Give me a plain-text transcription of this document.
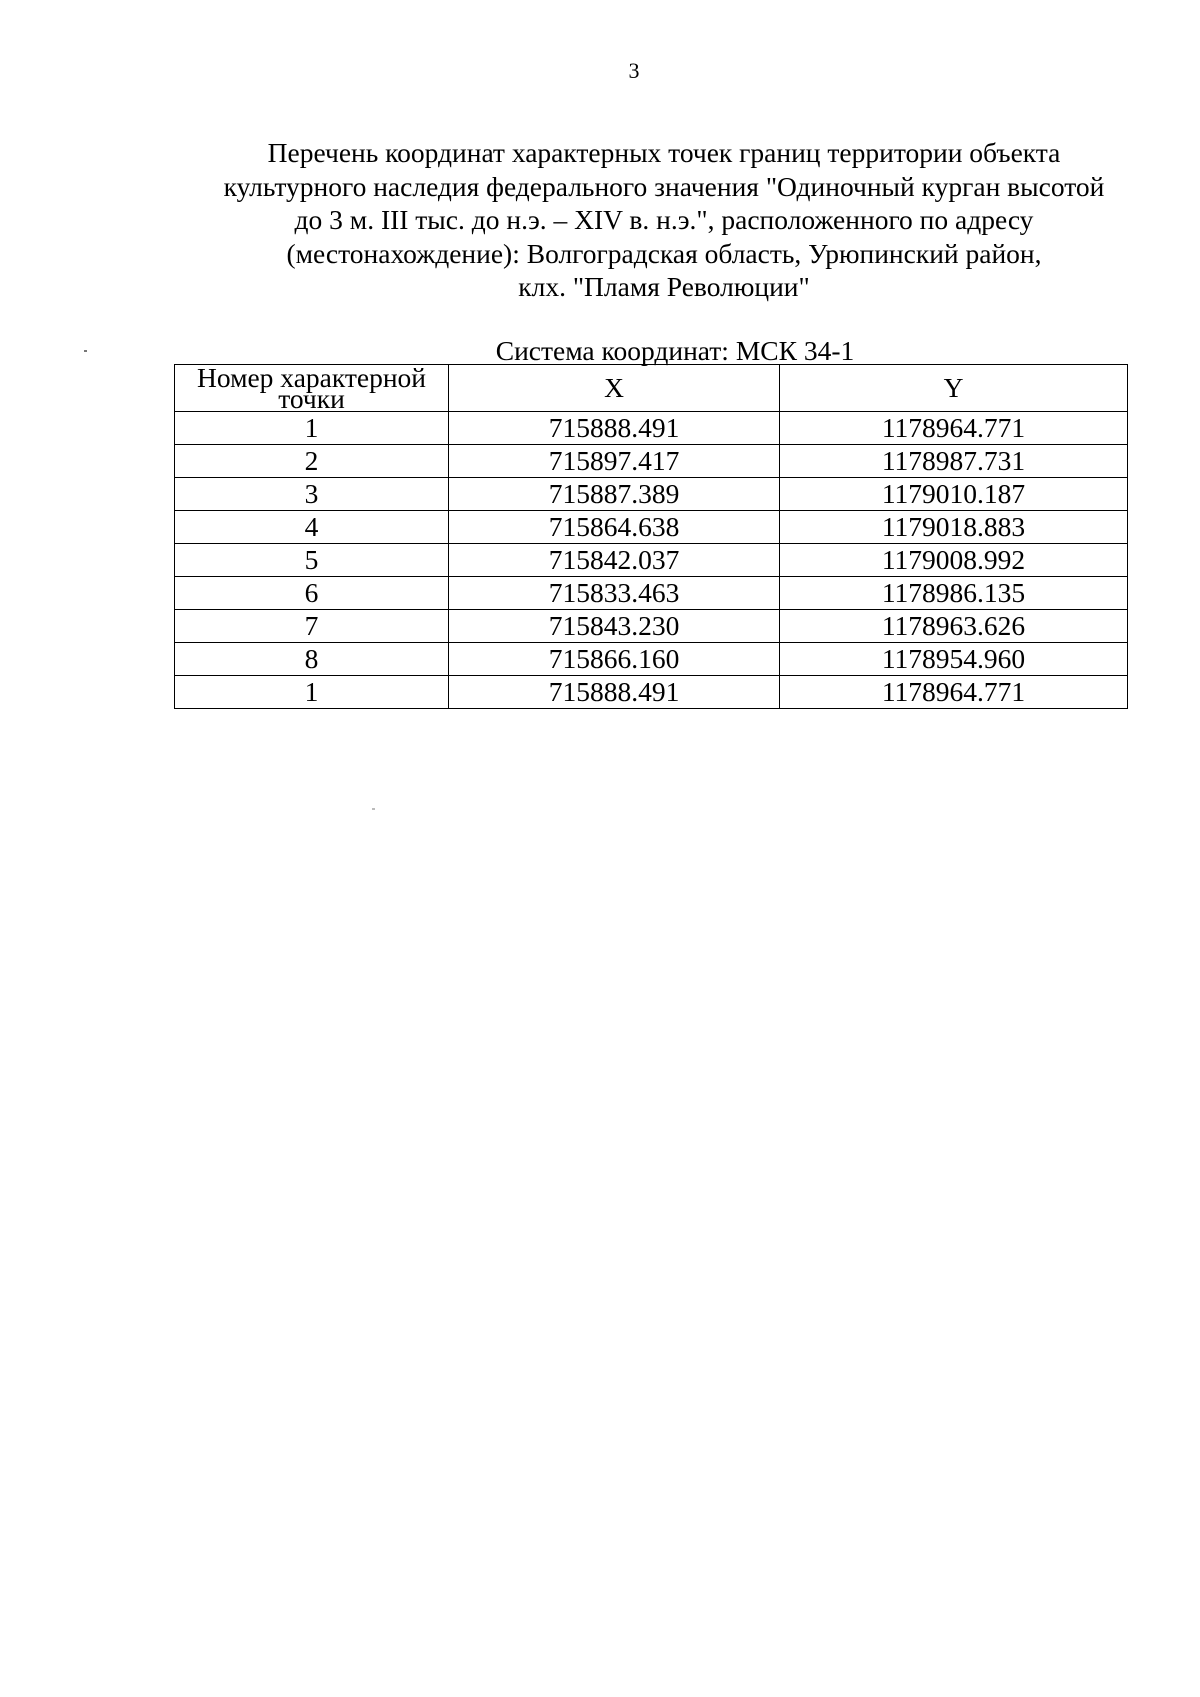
3
Перечень координат характерных точек границ территории объекта
культурного наследия федерального значения "Одиночный курган высотой
до 3 м. III тыс. до н.э. – XIV в. н.э.", расположенного по адресу
(местонахождение): Волгоградская область, Урюпинский район,
клх. "Пламя Революции"
Система координат: МСК 34-1
Номер характерной точки	X	Y
1	715888.491	1178964.771
2	715897.417	1178987.731
3	715887.389	1179010.187
4	715864.638	1179018.883
5	715842.037	1179008.992
6	715833.463	1178986.135
7	715843.230	1178963.626
8	715866.160	1178954.960
1	715888.491	1178964.771
